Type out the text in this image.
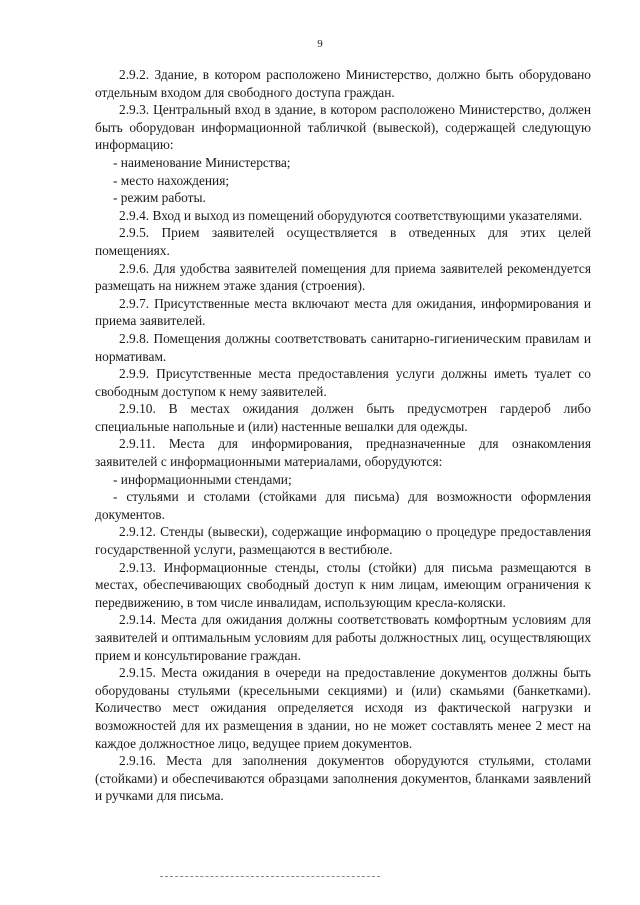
9

2.9.2. Здание, в котором расположено Министерство, должно быть оборудовано отдельным входом для свободного доступа граждан.

2.9.3. Центральный вход в здание, в котором расположено Министерство, должен быть оборудован информационной табличкой (вывеской), содержащей следующую информацию:

- наименование Министерства;

- место нахождения;

- режим работы.

2.9.4. Вход и выход из помещений оборудуются соответствующими указателями.

2.9.5. Прием заявителей осуществляется в отведенных для этих целей помещениях.

2.9.6. Для удобства заявителей помещения для приема заявителей рекомендуется размещать на нижнем этаже здания (строения).

2.9.7. Присутственные места включают места для ожидания, информирования и приема заявителей.

2.9.8. Помещения должны соответствовать санитарно-гигиеническим правилам и нормативам.

2.9.9. Присутственные места предоставления услуги должны иметь туалет со свободным доступом к нему заявителей.

2.9.10. В местах ожидания должен быть предусмотрен гардероб либо специальные напольные и (или) настенные вешалки для одежды.

2.9.11. Места для информирования, предназначенные для ознакомления заявителей с информационными материалами, оборудуются:

- информационными стендами;

- стульями и столами (стойками для письма) для возможности оформления документов.

2.9.12. Стенды (вывески), содержащие информацию о процедуре предоставления государственной услуги, размещаются в вестибюле.

2.9.13. Информационные стенды, столы (стойки) для письма размещаются в местах, обеспечивающих свободный доступ к ним лицам, имеющим ограничения к передвижению, в том числе инвалидам, использующим кресла-коляски.

2.9.14. Места для ожидания должны соответствовать комфортным условиям для заявителей и оптимальным условиям для работы должностных лиц, осуществляющих прием и консультирование граждан.

2.9.15. Места ожидания в очереди на предоставление документов должны быть оборудованы стульями (кресельными секциями) и (или) скамьями (банкетками). Количество мест ожидания определяется исходя из фактической нагрузки и возможностей для их размещения в здании, но не может составлять менее 2 мест на каждое должностное лицо, ведущее прием документов.

2.9.16. Места для заполнения документов оборудуются стульями, столами (стойками) и обеспечиваются образцами заполнения документов, бланками заявлений и ручками для письма.
